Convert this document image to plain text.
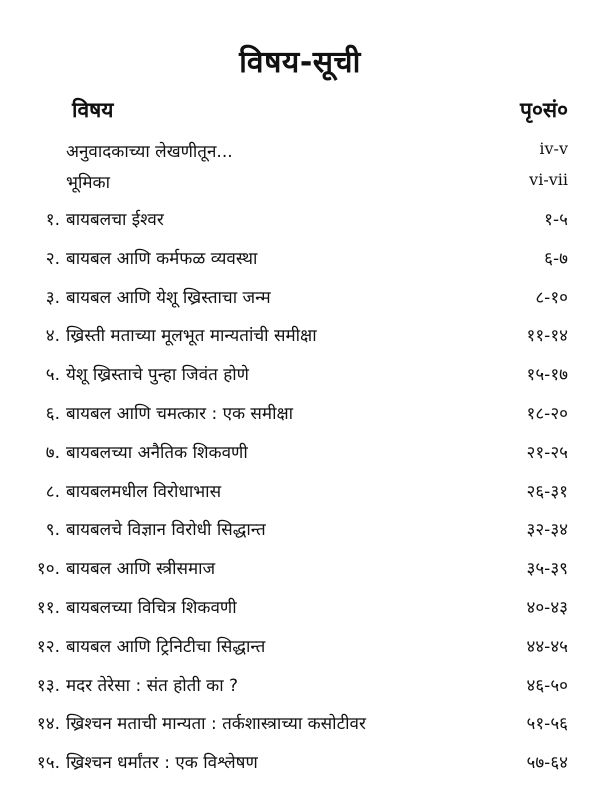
विषय-सूची
विषय	पृ०सं०
अनुवादकाच्या लेखणीतून...	iv-v
भूमिका	vi-vii
१. बायबलचा ईश्वर	१-५
२. बायबल आणि कर्मफळ व्यवस्था	६-७
३. बायबल आणि येशू ख्रिस्ताचा जन्म	८-१०
४. ख्रिस्ती मताच्या मूलभूत मान्यतांची समीक्षा	११-१४
५. येशू ख्रिस्ताचे पुन्हा जिवंत होणे	१५-१७
६. बायबल आणि चमत्कार : एक समीक्षा	१८-२०
७. बायबलच्या अनैतिक शिकवणी	२१-२५
८. बायबलमधील विरोधाभास	२६-३१
९. बायबलचे विज्ञान विरोधी सिद्धान्त	३२-३४
१०. बायबल आणि स्त्रीसमाज	३५-३९
११. बायबलच्या विचित्र शिकवणी	४०-४३
१२. बायबल आणि ट्रिनिटीचा सिद्धान्त	४४-४५
१३. मदर तेरेसा : संत होती का ?	४६-५०
१४. ख्रिश्चन मताची मान्यता : तर्कशास्त्राच्या कसोटीवर	५१-५६
१५. ख्रिश्चन धर्मांतर : एक विश्लेषण	५७-६४
